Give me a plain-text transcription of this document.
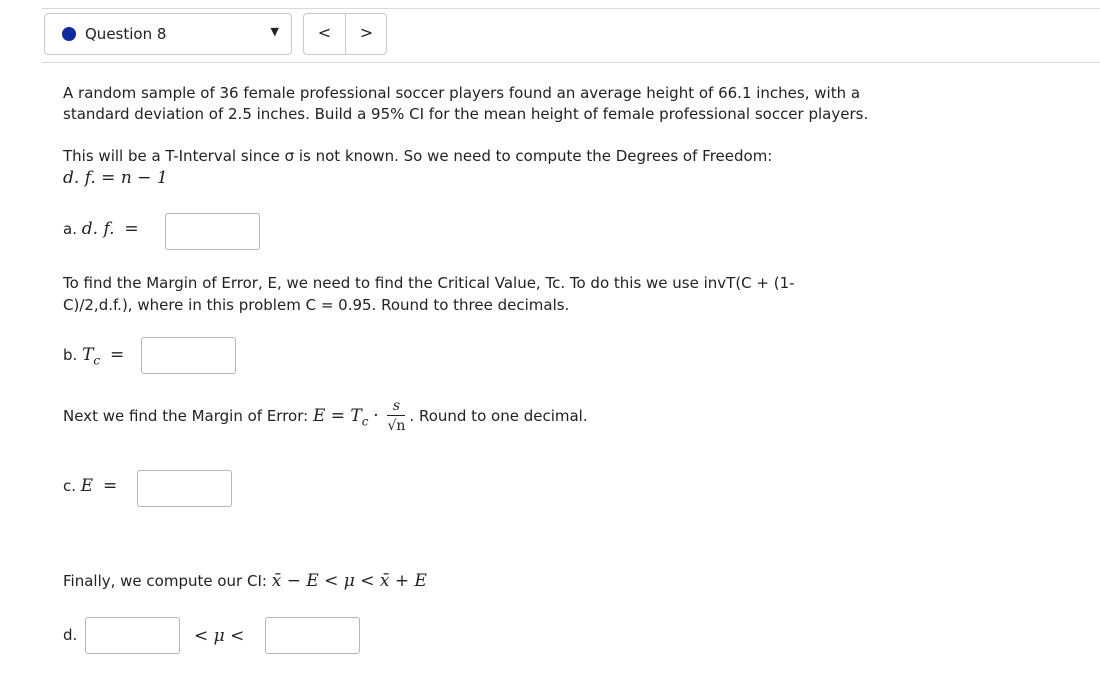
Question 8	▼	<	>
A random sample of 36 female professional soccer players found an average height of 66.1 inches, with a
standard deviation of 2.5 inches. Build a 95% CI for the mean height of female professional soccer players.
This will be a T-Interval since σ is not known. So we need to compute the Degrees of Freedom:
d. f. = n − 1
a. d. f. =
To find the Margin of Error, E, we need to find the Critical Value, Tc. To do this we use invT(C + (1-
C)/2,d.f.), where in this problem C = 0.95. Round to three decimals.
b. $T_c$ =
Next we find the Margin of Error: $E = T_c \cdot \frac{s}{√n}$ . Round to one decimal.
c. E =
Finally, we compute our CI: x̄ − E < μ < x̄ + E
d.	< μ <
